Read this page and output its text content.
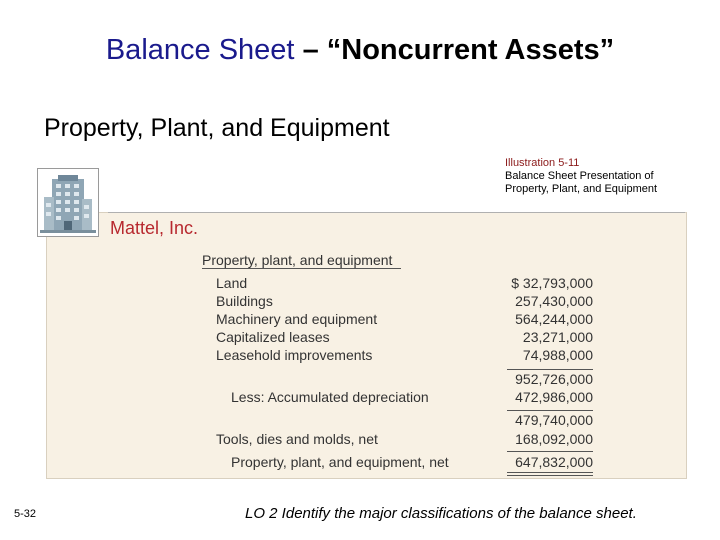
Balance Sheet – “Noncurrent Assets”
Property, Plant, and Equipment
Illustration 5-11
Balance Sheet Presentation of
Property, Plant, and Equipment
Mattel, Inc.
Property, plant, and equipment
Land	$ 32,793,000
Buildings	257,430,000
Machinery and equipment	564,244,000
Capitalized leases	23,271,000
Leasehold improvements	74,988,000
952,726,000
Less: Accumulated depreciation	472,986,000
479,740,000
Tools, dies and molds, net	168,092,000
Property, plant, and equipment, net	647,832,000
5-32	LO 2 Identify the major classifications of the balance sheet.
